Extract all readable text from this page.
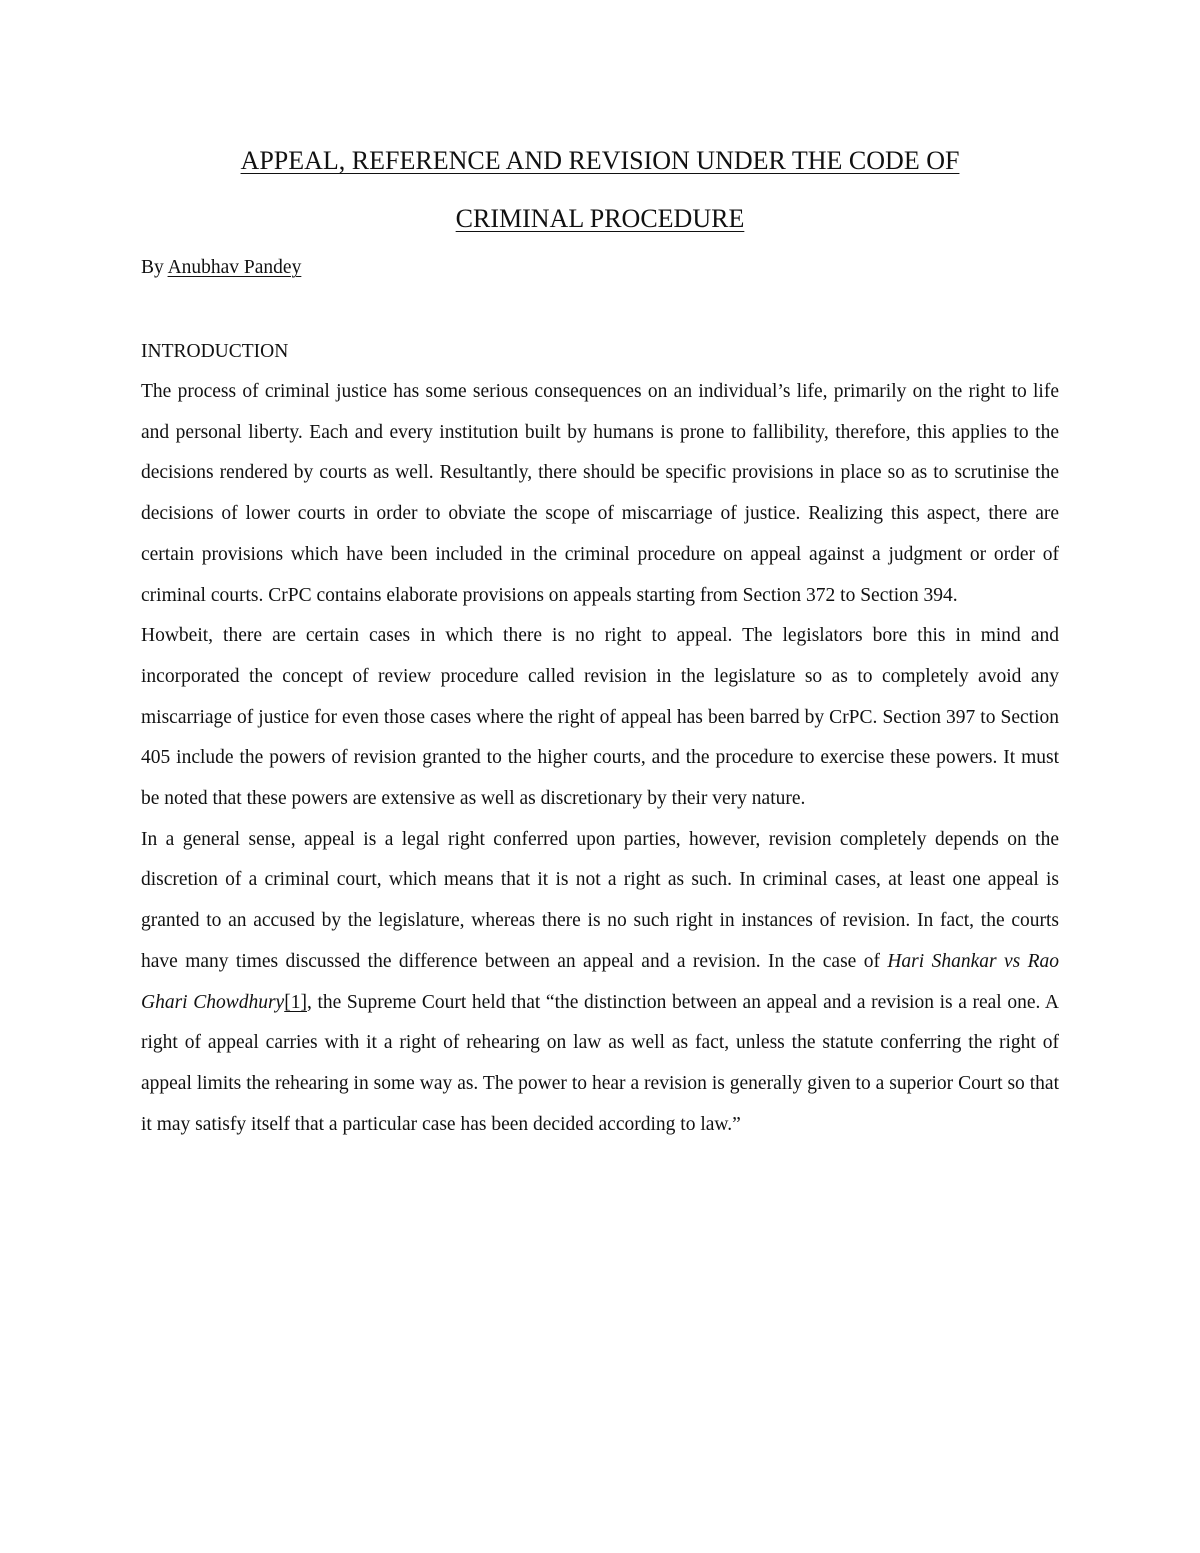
APPEAL, REFERENCE AND REVISION UNDER THE CODE OF
CRIMINAL PROCEDURE
By Anubhav Pandey
INTRODUCTION

The process of criminal justice has some serious consequences on an individual’s life, primarily on the right to life and personal liberty. Each and every institution built by humans is prone to fallibility, therefore, this applies to the decisions rendered by courts as well. Resultantly, there should be specific provisions in place so as to scrutinise the decisions of lower courts in order to obviate the scope of miscarriage of justice. Realizing this aspect, there are certain provisions which have been included in the criminal procedure on appeal against a judgment or order of criminal courts. CrPC contains elaborate provisions on appeals starting from Section 372 to Section 394.

Howbeit, there are certain cases in which there is no right to appeal. The legislators bore this in mind and incorporated the concept of review procedure called revision in the legislature so as to completely avoid any miscarriage of justice for even those cases where the right of appeal has been barred by CrPC. Section 397 to Section 405 include the powers of revision granted to the higher courts, and the procedure to exercise these powers. It must be noted that these powers are extensive as well as discretionary by their very nature.

In a general sense, appeal is a legal right conferred upon parties, however, revision completely depends on the discretion of a criminal court, which means that it is not a right as such. In criminal cases, at least one appeal is granted to an accused by the legislature, whereas there is no such right in instances of revision. In fact, the courts have many times discussed the difference between an appeal and a revision. In the case of Hari Shankar vs Rao Ghari Chowdhury[1], the Supreme Court held that “the distinction between an appeal and a revision is a real one. A right of appeal carries with it a right of rehearing on law as well as fact, unless the statute conferring the right of appeal limits the rehearing in some way as. The power to hear a revision is generally given to a superior Court so that it may satisfy itself that a particular case has been decided according to law.”
